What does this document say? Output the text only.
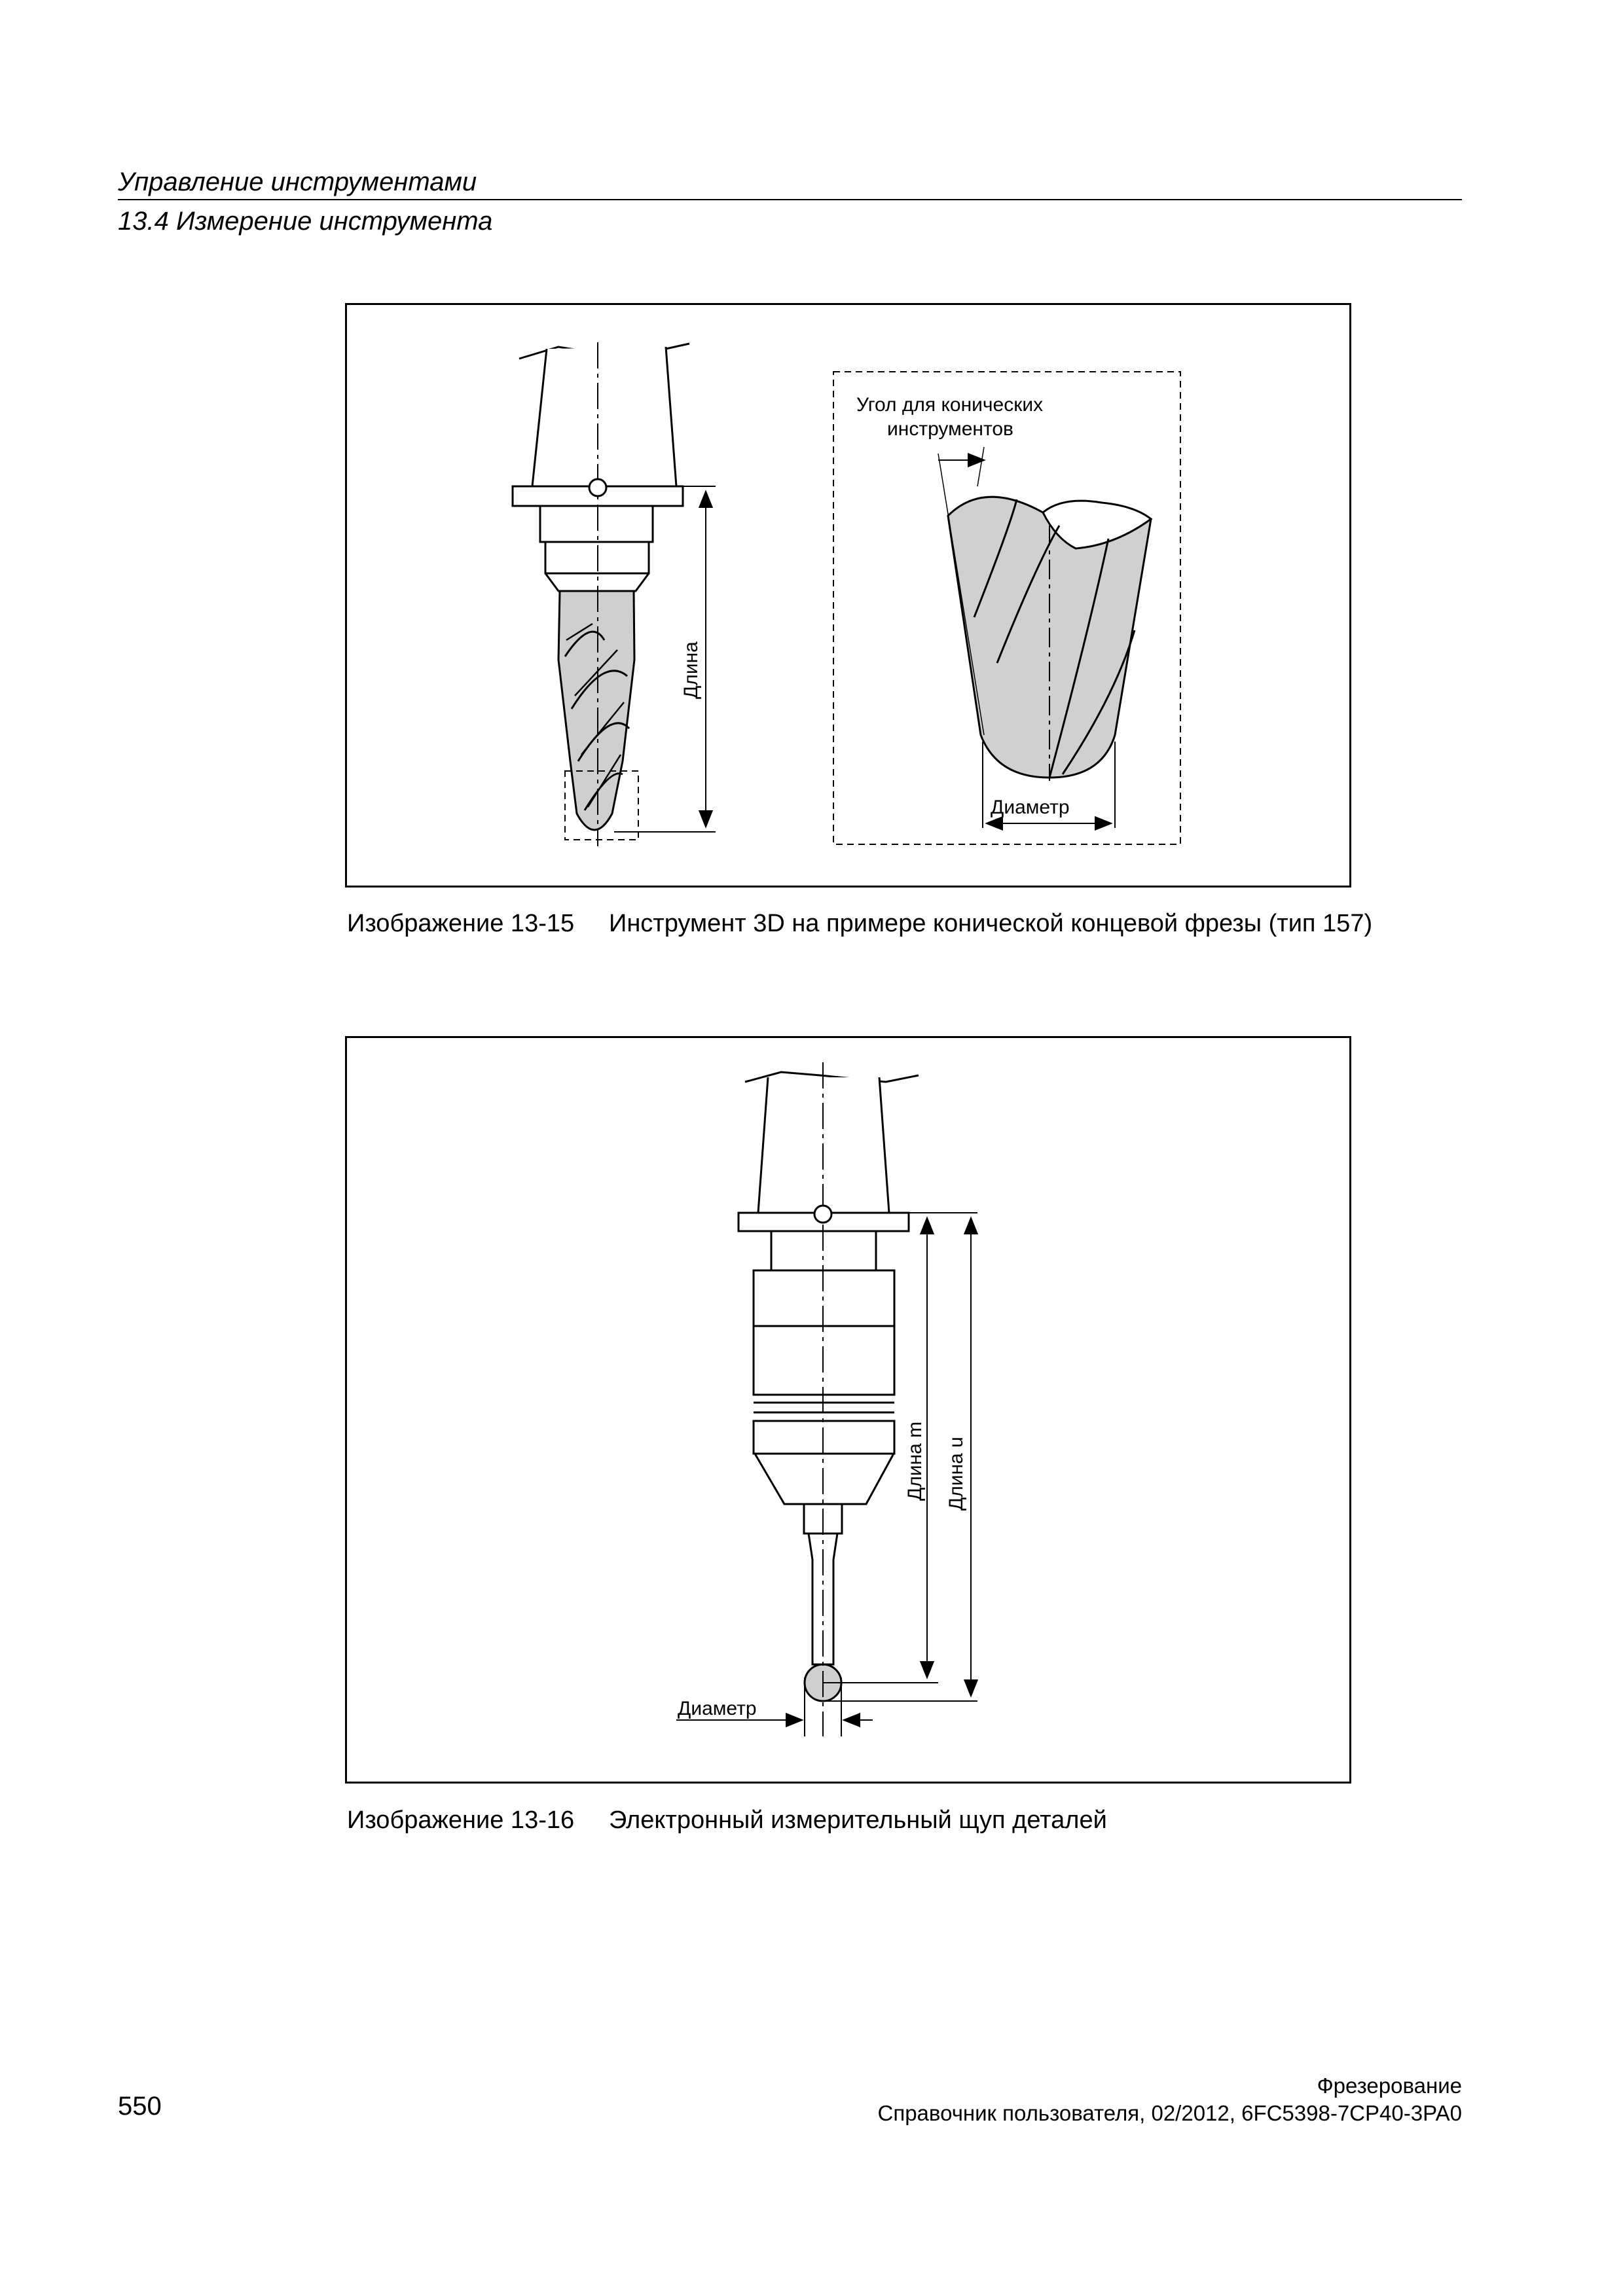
Управление инструментами
13.4 Измерение инструмента
Длина
Угол для конических
инструментов
Диаметр
Изображение 13-15 Инструмент 3D на примере конической концевой фрезы (тип 157)
Длина m Длина u
Диаметр
Изображение 13-16 Электронный измерительный щуп деталей
Фрезерование
550	Справочник пользователя, 02/2012, 6FC5398-7CP40-3PA0
